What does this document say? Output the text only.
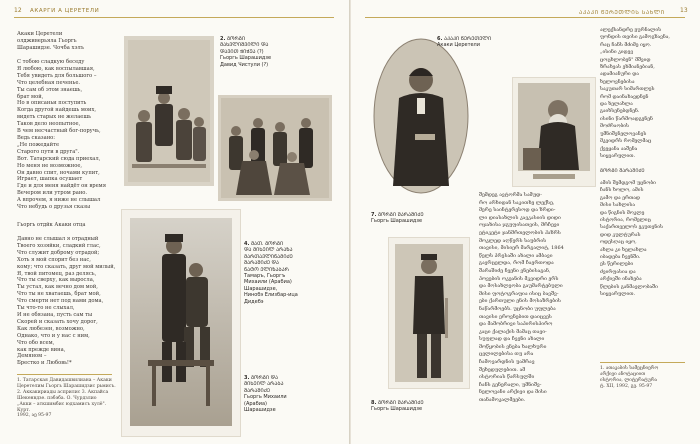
12 АКАРГИ А ЦЕРЕТЕЛИ
Акаки Церетели
олдживерьяла Гьоргь
Шарашидзе. Чочба хэлъ
С тобою сладкую беседу
Я любою, как воспылавшая,
Тебя увидеть для большого –
Что целебная печенье.
Ты сам об этом знаешь,
брат мой,
Но в описаньи поступить
Когда другой найдешь моих,
видеть старых не желаешь
Таков дело неопытное,
В чем несчастный бог-поручь,
Ведь сказано:
„Не пожедайте
Старого пути в друга".
Вот. Татарский сюда приехал,
Но меня не возможное,
Он давно спит, ночами купит,
Играет, шапка осушает
Где и для меня найдёт он время
Вечером или утром рано.
А впрочем, я ниже не слышал
Что небудь о друзья сказы
Гьоргь отдйк Акаки отца
Давно не слышал я отрадный
Твоего хозяйки, сладкий глас,
Что служит доброму отрадой;
Хоть я мой спорит без нас,
кому; что сказать, друг мой милый,
Я, твой питомец, раз делясь,
Что ты сверху, как выросла,
Ты устал, как вечно дом мой,
Что ты не хватаешь, брат мой,
Что смерти нет под нами дома,
Ты что-то не слыхал,
И не обязана, пусть сам ты
Скорей и сказать хочу дорог,
Как любезен, возможно,
Однако, что и у нас с ним,
Что обо всем,
как прежде вина,
Демяном –
Брестко и Любовь!*
1. Татарская Давидашвилиана – Акаки
Церетелим Гьоргь Шарашидзис рьмисъ.
2. Аккакириады асприлис 3. Акпайса
Шекенвдзе. пэбэба. О. Чурдзлио
„Акки – аткшимбис юдхамисъ хулё". Курт.
1992, აე 95-97
2. ᲒᲝᲠᲒᲘ ᲛᲐᲮᲕᲚᲘᲨᲕᲘᲚᲘ ᲓᲐ
ᲓᲐᲕᲘᲗ ᲭᲘᲭᲣᲐ (?)
Гьоргь Шарашидзе
Давид Чистули (?)
4. ᲛᲐᲗ. ᲒᲝᲠᲒᲘ
ᲓᲐ ᲛᲘᲮᲔᲘᲚ ᲐᲠᲐᲖᲐ
ᲛᲐᲠᲗᲐᲕᲚᲘᲜᲐᲛᲘᲫᲔ
ᲨᲐᲠᲐᲨᲘᲫᲔ ᲓᲐ
ᲜᲐᲢᲝ ᲔᲚᲘᲖᲐᲑᲐᲠ
Тамаръ, Гьоргъ
Михаили (Арабиа)
Шарашидзе,
Нинобэ Елизбар-ица
Дидебэ
3. ᲒᲝᲠᲒᲘ ᲓᲐ
ᲛᲘᲮᲔᲘᲚ ᲐᲠᲐᲑᲐ
ᲨᲐᲠᲐᲨᲘᲫᲔ
Гьоргь Михаили
(Арабиа)
Шарашидзе
ᲐᲙᲐᲙᲘ ᲬᲔᲠᲔᲗᲚᲘᲡ ᲡᲐᲮᲚᲘ	13
6. ᲐᲙᲐᲙᲘ ᲬᲔᲠᲔᲗᲔᲚᲘ
Акаки Церетели
7. ᲒᲝᲠᲒᲘ ᲨᲐᲠᲐᲨᲘᲫᲔ
Гьоргь Шарашидзе
8. ᲒᲝᲠᲒᲘ ᲨᲐᲠᲐᲨᲘᲫᲔ
Гьоргь Шарашидзе
შემდეგ ავტორმა სამუდ-
რო არხიდან საკითხე ლექსე,
მერე საინტერესოდ და ზრდი-
ლი დიასახლის კავკასიის დიდი
ოჯახისა ჯგუფისათვის, მრჩევი
ეტიკეტი ჯანმრთელობის ჰაზრს
მოკლედ აღწერს საუბრის
თავისი, მისიერ მარგალიტ, 1864
წელს პრესაში ახალი ამბავი
გავრცელდა, რომ ჩაერთოდა
შარაშიძე ჩვენი ვნებისაგან,
პოვების ოკეანის მკვიდრი ერს
და მოსახლეობა გაუმარტებული
მისი ფოტოგრაფია ისიც ბავშვ-
ები ქართული ენის მოსაზრების
ნაწარმოებს. უცნობი უფლება
თავისი ეროვნებით დაიცვეს
და მამობრივი საპირისპირო
კაცი ქალაქის მამაც თავი-
სუფლად და ჩვენი ახალი
მოწყობის ვნება ხალხური
ცვლილებისა თუ არა
ჩამოვარდნის უამრავ
შეხედულებით. ამ
ისტორიას წარსულში
ჩანს გენერალი, უმნიშვ-
ნელოვანი არქივი და მისი
თანამოკალმეები.
ალექსანდრე ჟურნალის
ფონდის თვისი გამოგზავნა,
რაც ჩანს მძიმე იყო.
„ისინი კიდევ
ცოცხლობენ" მშვიდ
ზრახვას ეხმიანებიან,
ადამიანური და
ხელოვნებისა
საკუთარ სიმართლეს
რომ დაინახავდნენ
და ხელახლა
გაიხსენებდნენ.
ისინი წარმოადგენენ
მოძრაობის
უმნიშვნელოვანეს
მკვიდრს რომელმაც
ქვეყანა ააშენა
სიყვარულით.
ᲒᲝᲠᲒᲘ ᲨᲐᲠᲐᲨᲘᲫᲔ
ამის შემდგომ უცნობი
ჩანს ხოლო, ამის
გამო და ერთად
მისი სახლისა
და წიგნის მოკლე
ისტორია, რომელიც
საქართველოს ეკუთვნის
დიდ კულტურას
ოდესღაც იყო,
ახლა კი ხელახლა
იბადება ჩვენში.
ეს წერილები
ძვირფასია და
არქივში ინახება
წლების განმავლობაში
სიყვარულით.
1. ათაკაბის სამეცნიერო
არქივი ანოტაციით
ისტორია, ლიტერატურა
ტ. XII, 1992, გვ. 95-97
